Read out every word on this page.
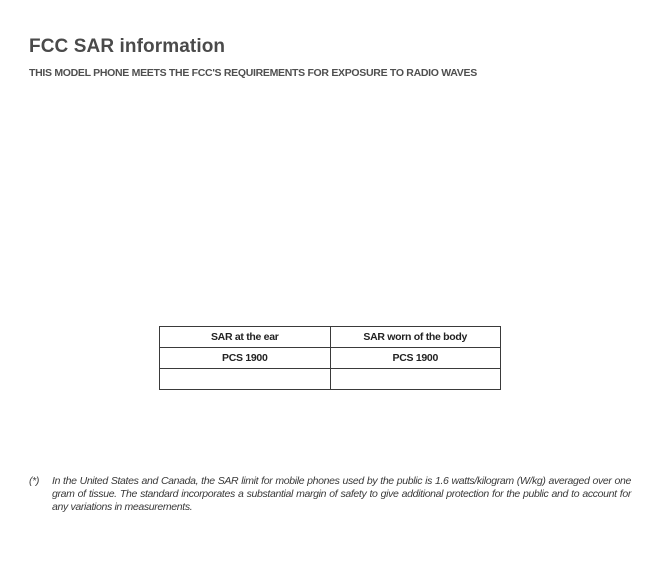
FCC SAR information
THIS MODEL PHONE MEETS THE FCC'S REQUIREMENTS FOR EXPOSURE TO RADIO WAVES
SAR at the ear	SAR worn of the body
PCS 1900	PCS 1900

(*) In the United States and Canada, the SAR limit for mobile phones used by the public is 1.6 watts/kilogram (W/kg) averaged over one gram of tissue. The standard incorporates a substantial margin of safety to give additional protection for the public and to account for any variations in measurements.
